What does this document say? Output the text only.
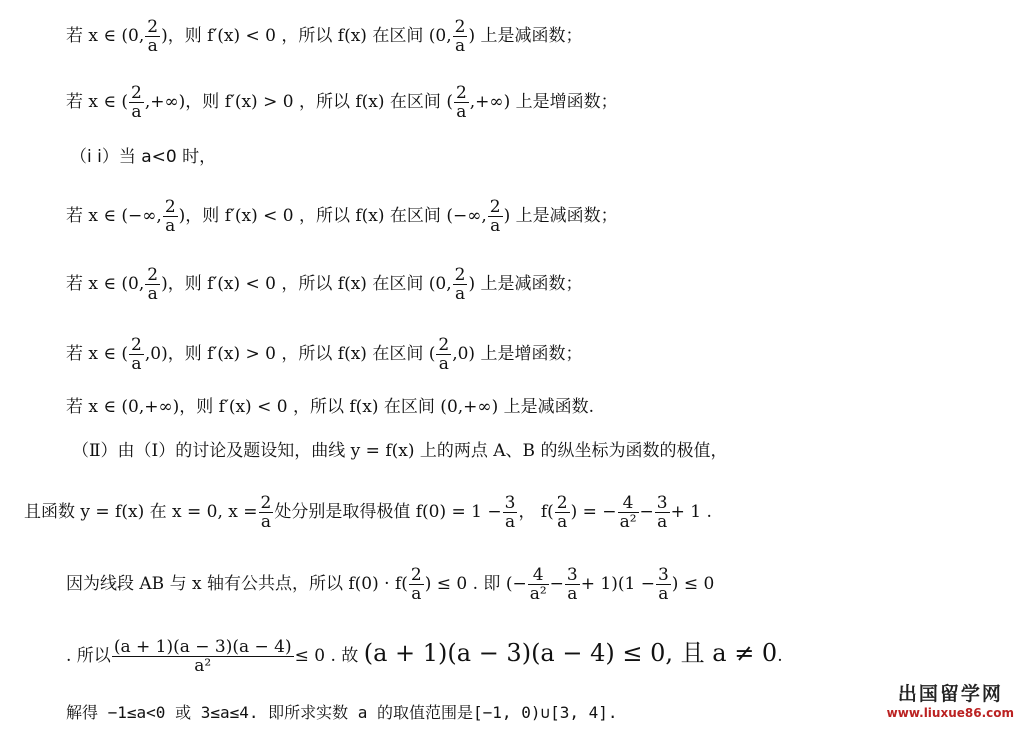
若 x ∈ (0, $\frac{2}{a}$ )，则 f′(x) < 0 ，所以 f(x) 在区间 (0, $\frac{2}{a}$ ) 上是减函数；
若 x ∈ ( $\frac{2}{a}$ ,+∞)，则 f′(x) > 0 ，所以 f(x) 在区间 ( $\frac{2}{a}$ ,+∞) 上是增函数；
（ⅰ ⅰ）当 a<0 时，
若 x ∈ (−∞, $\frac{2}{a}$ )，则 f′(x) < 0 ，所以 f(x) 在区间 (−∞, $\frac{2}{a}$ ) 上是减函数；
若 x ∈ (0, $\frac{2}{a}$ )，则 f′(x) < 0 ，所以 f(x) 在区间 (0, $\frac{2}{a}$ ) 上是减函数；
若 x ∈ ( $\frac{2}{a} ,0$)，则 f′(x) > 0 ，所以 f(x) 在区间 ( $\frac{2}{a} ,0$) 上是增函数；
若 x ∈ (0,+∞)，则 f′(x) < 0 ，所以 f(x) 在区间 (0,+∞) 上是减函数.
（Ⅱ）由（Ⅰ）的讨论及题设知，曲线 y = f(x) 上的两点 A、B 的纵坐标为函数的极值，
且函数 y = f(x) 在 x = 0, $x = \frac{2}{a}$ 处分别是取得极值 $f(0) = 1 - \frac{3}{a}$ ， $f( \frac{2}{a}$ ) = − $\frac{4}{\text{a²}} - \frac{3}{a} + 1$ .
因为线段 AB 与 x 轴有公共点，所以 $f(0) \cdot f( \frac{2}{a}$ ) ≤ 0 . 即 (− $\frac{4}{\text{a²}} - \frac{3}{a} + 1)(1 - \frac{3}{a}$ ) ≤ 0
. 所以 $\frac{(a + 1)(a - 3)(a - 4)}{\text{a²}} \le 0$ . 故 (a + 1)(a − 3)(a − 4) ≤ 0, 且 a ≠ 0.
解得 −1≤a<0 或 3≤a≤4. 即所求实数 a 的取值范围是[−1, 0)∪[3, 4].
出国留学网
www.liuxue86.com
